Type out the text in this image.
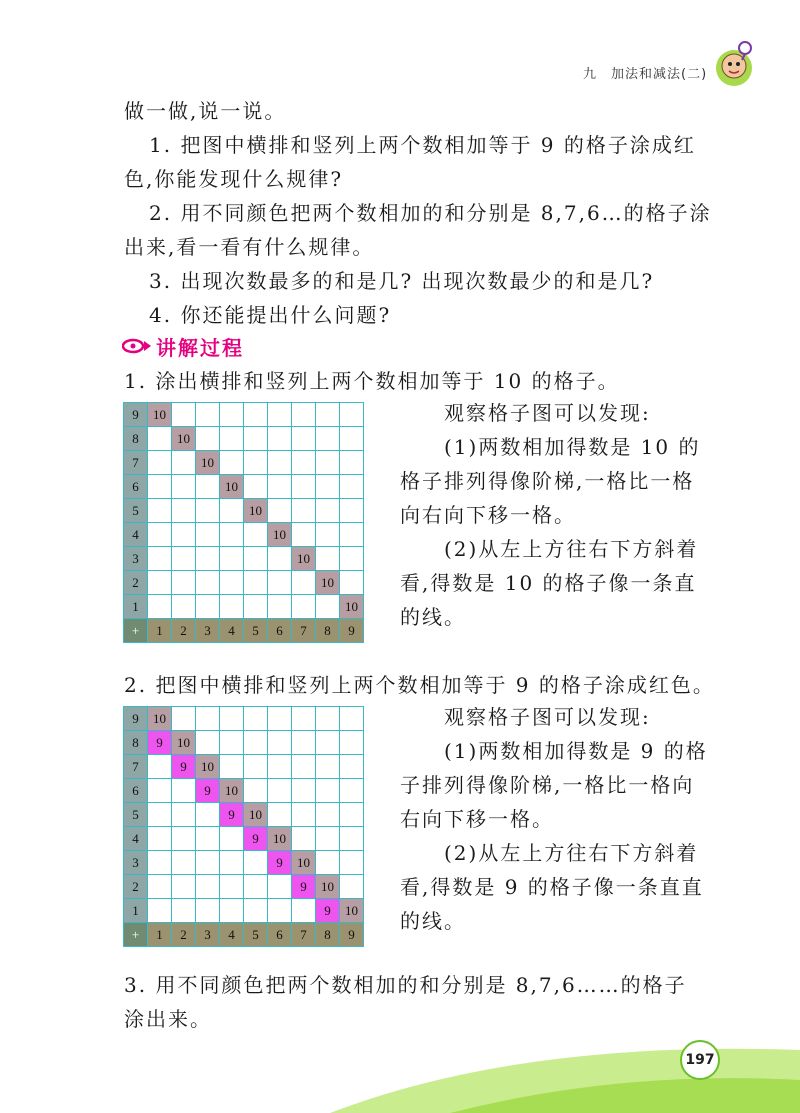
九　加法和减法(二)
做一做,说一说。
1. 把图中横排和竖列上两个数相加等于 9 的格子涂成红
色,你能发现什么规律?
2. 用不同颜色把两个数相加的和分别是 8,7,6…的格子涂
出来,看一看有什么规律。
3. 出现次数最多的和是几? 出现次数最少的和是几?
4. 你还能提出什么问题?
讲解过程
1. 涂出横排和竖列上两个数相加等于 10 的格子。
9	10								
8		10							
7			10						
6				10					
5					10				
4						10			
3							10		
2								10	
1									10
+	1	2	3	4	5	6	7	8	9
观察格子图可以发现:
(1)两数相加得数是 10 的
格子排列得像阶梯,一格比一格
向右向下移一格。
(2)从左上方往右下方斜着
看,得数是 10 的格子像一条直
的线。
2. 把图中横排和竖列上两个数相加等于 9 的格子涂成红色。
9	10								
8	9	10							
7		9	10						
6			9	10					
5				9	10				
4					9	10			
3						9	10		
2							9	10	
1								9	10
+	1	2	3	4	5	6	7	8	9
观察格子图可以发现:
(1)两数相加得数是 9 的格
子排列得像阶梯,一格比一格向
右向下移一格。
(2)从左上方往右下方斜着
看,得数是 9 的格子像一条直直
的线。
3. 用不同颜色把两个数相加的和分别是 8,7,6……的格子
涂出来。
197
